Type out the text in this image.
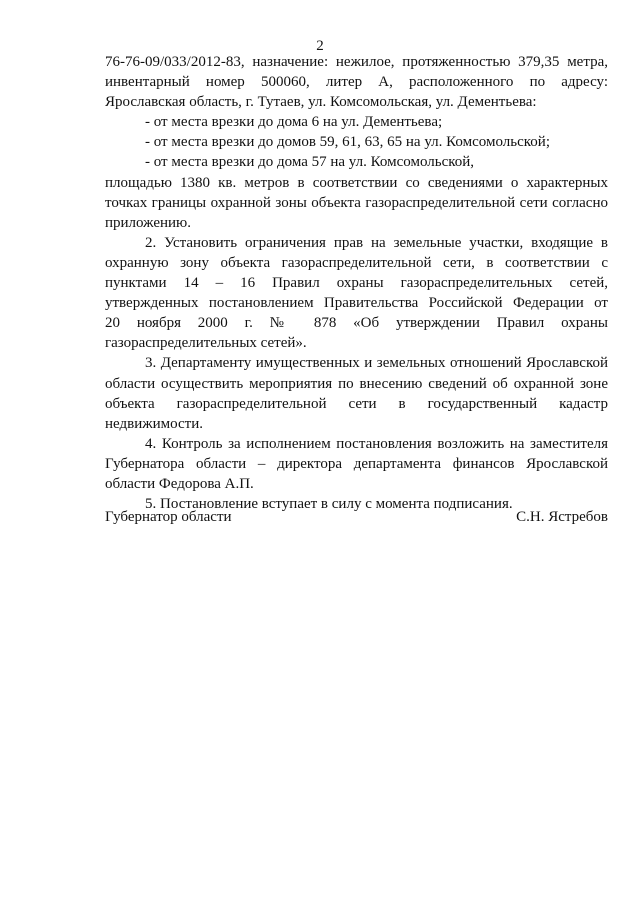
2
76-76-09/033/2012-83, назначение: нежилое, протяженностью 379,35 метра,
инвентарный номер 500060, литер А, расположенного по адресу:
Ярославская область, г. Тутаев, ул. Комсомольская, ул. Дементьева:
- от места врезки до дома 6 на ул. Дементьева;
- от места врезки до домов 59, 61, 63, 65 на ул. Комсомольской;
- от места врезки до дома 57 на ул. Комсомольской,
площадью 1380 кв. метров в соответствии со сведениями о характерных
точках границы охранной зоны объекта газораспределительной сети согласно
приложению.
2. Установить ограничения прав на земельные участки, входящие в
охранную зону объекта газораспределительной сети, в соответствии с
пунктами 14 – 16 Правил охраны газораспределительных сетей,
утвержденных постановлением Правительства Российской Федерации от
20 ноября 2000 г. № 878 «Об утверждении Правил охраны
газораспределительных сетей».
3. Департаменту имущественных и земельных отношений Ярославской
области осуществить мероприятия по внесению сведений об охранной зоне
объекта газораспределительной сети в государственный кадастр
недвижимости.
4. Контроль за исполнением постановления возложить на заместителя
Губернатора области – директора департамента финансов Ярославской
области Федорова А.П.
5. Постановление вступает в силу с момента подписания.
Губернатор области	С.Н. Ястребов
